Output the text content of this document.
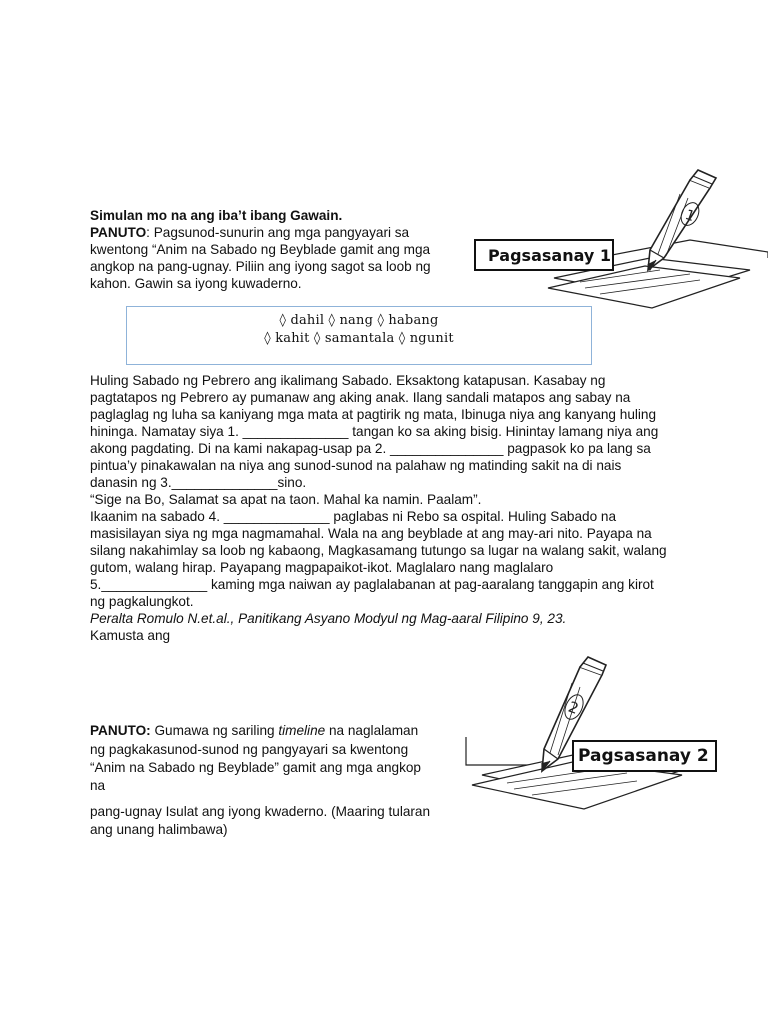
Simulan mo na ang iba’t ibang Gawain.
PANUTO: Pagsunod-sunurin ang mga pangyayari sa
kwentong “Anim na Sabado ng Beyblade gamit ang mga
angkop na pang-ugnay. Piliin ang iyong sagot sa loob ng
kahon. Gawin sa iyong kuwaderno.
1
Pagsasanay 1
◊ dahil ◊ nang ◊ habang
◊ kahit ◊ samantala ◊ ngunit
Huling Sabado ng Pebrero ang ikalimang Sabado. Eksaktong katapusan. Kasabay ng
pagtatapos ng Pebrero ay pumanaw ang aking anak. Ilang sandali matapos ang sabay na
paglaglag ng luha sa kaniyang mga mata at pagtirik ng mata, Ibinuga niya ang kanyang huling
hininga. Namatay siya 1. ______________ tangan ko sa aking bisig. Hinintay lamang niya ang
akong pagdating. Di na kami nakapag-usap pa 2. _______________ pagpasok ko pa lang sa
pintua’y pinakawalan na niya ang sunod-sunod na palahaw ng matinding sakit na di nais
danasin ng 3.______________sino.
“Sige na Bo, Salamat sa apat na taon. Mahal ka namin. Paalam”.
Ikaanim na sabado 4. ______________ paglabas ni Rebo sa ospital. Huling Sabado na
masisilayan siya ng mga nagmamahal. Wala na ang beyblade at ang may-ari nito. Payapa na
silang nakahimlay sa loob ng kabaong, Magkasamang tutungo sa lugar na walang sakit, walang
gutom, walang hirap. Payapang magpapaikot-ikot. Maglalaro nang maglalaro
5.______________ kaming mga naiwan ay paglalabanan at pag-aaralang tanggapin ang kirot
ng pagkalungkot.
Peralta Romulo N.et.al., Panitikang Asyano Modyul ng Mag-aaral Filipino 9, 23.
Kamusta ang
PANUTO: Gumawa ng sariling timeline na naglalaman
ng pagkakasunod-sunod ng pangyayari sa kwentong
“Anim na Sabado ng Beyblade” gamit ang mga angkop
na
pang-ugnay Isulat ang iyong kwaderno. (Maaring tularan
ang unang halimbawa)
2
Pagsasanay 2
